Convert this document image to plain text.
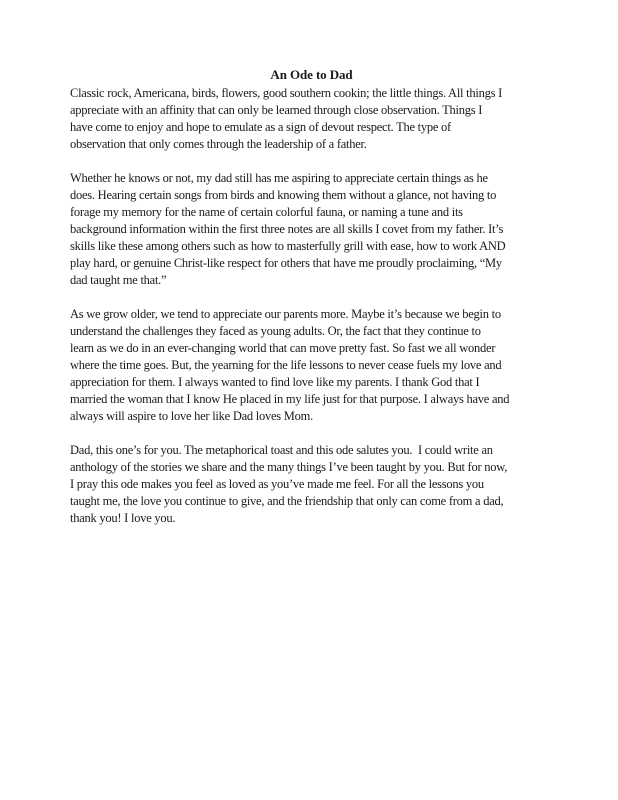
An Ode to Dad
Classic rock, Americana, birds, flowers, good southern cookin; the little things. All things I
appreciate with an affinity that can only be learned through close observation. Things I
have come to enjoy and hope to emulate as a sign of devout respect. The type of
observation that only comes through the leadership of a father.
Whether he knows or not, my dad still has me aspiring to appreciate certain things as he
does. Hearing certain songs from birds and knowing them without a glance, not having to
forage my memory for the name of certain colorful fauna, or naming a tune and its
background information within the first three notes are all skills I covet from my father. It’s
skills like these among others such as how to masterfully grill with ease, how to work AND
play hard, or genuine Christ-like respect for others that have me proudly proclaiming, “My
dad taught me that.”
As we grow older, we tend to appreciate our parents more. Maybe it’s because we begin to
understand the challenges they faced as young adults. Or, the fact that they continue to
learn as we do in an ever-changing world that can move pretty fast. So fast we all wonder
where the time goes. But, the yearning for the life lessons to never cease fuels my love and
appreciation for them. I always wanted to find love like my parents. I thank God that I
married the woman that I know He placed in my life just for that purpose. I always have and
always will aspire to love her like Dad loves Mom.
Dad, this one’s for you. The metaphorical toast and this ode salutes you.  I could write an
anthology of the stories we share and the many things I’ve been taught by you. But for now,
I pray this ode makes you feel as loved as you’ve made me feel. For all the lessons you
taught me, the love you continue to give, and the friendship that only can come from a dad,
thank you! I love you.
